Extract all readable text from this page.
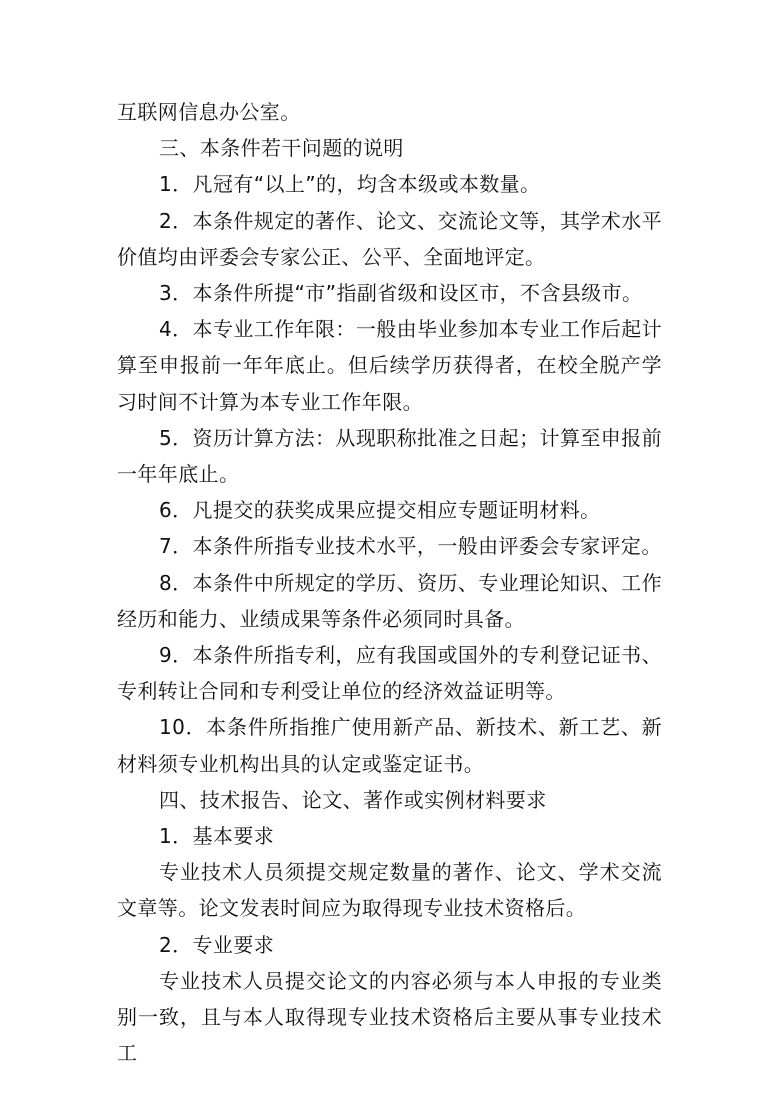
互联网信息办公室。

三、本条件若干问题的说明

1．凡冠有“以上”的，均含本级或本数量。

2．本条件规定的著作、论文、交流论文等，其学术水平价值均由评委会专家公正、公平、全面地评定。

3．本条件所提“市”指副省级和设区市，不含县级市。

4．本专业工作年限：一般由毕业参加本专业工作后起计算至申报前一年年底止。但后续学历获得者，在校全脱产学习时间不计算为本专业工作年限。

5．资历计算方法：从现职称批准之日起；计算至申报前一年年底止。

6．凡提交的获奖成果应提交相应专题证明材料。

7．本条件所指专业技术水平，一般由评委会专家评定。

8．本条件中所规定的学历、资历、专业理论知识、工作经历和能力、业绩成果等条件必须同时具备。

9．本条件所指专利，应有我国或国外的专利登记证书、专利转让合同和专利受让单位的经济效益证明等。

10．本条件所指推广使用新产品、新技术、新工艺、新材料须专业机构出具的认定或鉴定证书。

四、技术报告、论文、著作或实例材料要求

1．基本要求

专业技术人员须提交规定数量的著作、论文、学术交流文章等。论文发表时间应为取得现专业技术资格后。

2．专业要求

专业技术人员提交论文的内容必须与本人申报的专业类别一致，且与本人取得现专业技术资格后主要从事专业技术工
